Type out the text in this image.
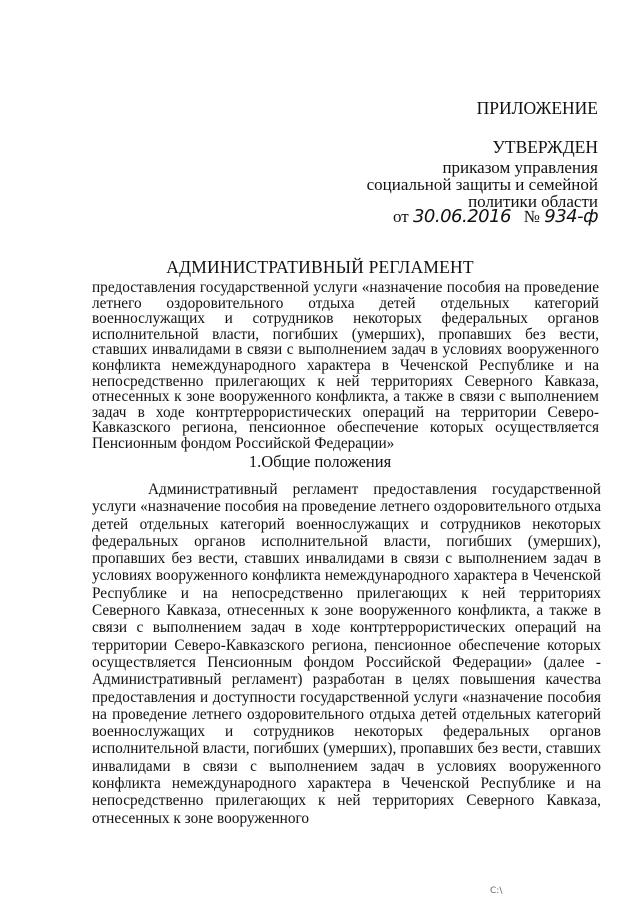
ПРИЛОЖЕНИЕ
УТВЕРЖДЕН
приказом управления
социальной защиты и семейной
политики области
от 30.06.2016 № 934-ф
АДМИНИСТРАТИВНЫЙ РЕГЛАМЕНТ

предоставления государственной услуги «назначение пособия на проведение летнего оздоровительного отдыха детей отдельных категорий военнослужащих и сотрудников некоторых федеральных органов исполнительной власти, погибших (умерших), пропавших без вести, ставших инвалидами в связи с выполнением задач в условиях вооруженного конфликта немеждународного характера в Чеченской Республике и на непосредственно прилегающих к ней территориях Северного Кавказа, отнесенных к зоне вооруженного конфликта, а также в связи с выполнением задач в ходе контртеррористических операций на территории Северо-Кавказского региона, пенсионное обеспечение которых осуществляется Пенсионным фондом Российской Федерации»

1.Общие положения

Административный регламент предоставления государственной услуги «назначение пособия на проведение летнего оздоровительного отдыха детей отдельных категорий военнослужащих и сотрудников некоторых федеральных органов исполнительной власти, погибших (умерших), пропавших без вести, ставших инвалидами в связи с выполнением задач в условиях вооруженного конфликта немеждународного характера в Чеченской Республике и на непосредственно прилегающих к ней территориях Северного Кавказа, отнесенных к зоне вооруженного конфликта, а также в связи с выполнением задач в ходе контртеррористических операций на территории Северо-Кавказского региона, пенсионное обеспечение которых осуществляется Пенсионным фондом Российской Федерации» (далее - Административный регламент) разработан в целях повышения качества предоставления и доступности государственной услуги «назначение пособия на проведение летнего оздоровительного отдыха детей отдельных категорий военнослужащих и сотрудников некоторых федеральных органов исполнительной власти, погибших (умерших), пропавших без вести, ставших инвалидами в связи с выполнением задач в условиях вооруженного конфликта немеждународного характера в Чеченской Республике и на непосредственно прилегающих к ней территориях Северного Кавказа, отнесенных к зоне вооруженного

C:\
